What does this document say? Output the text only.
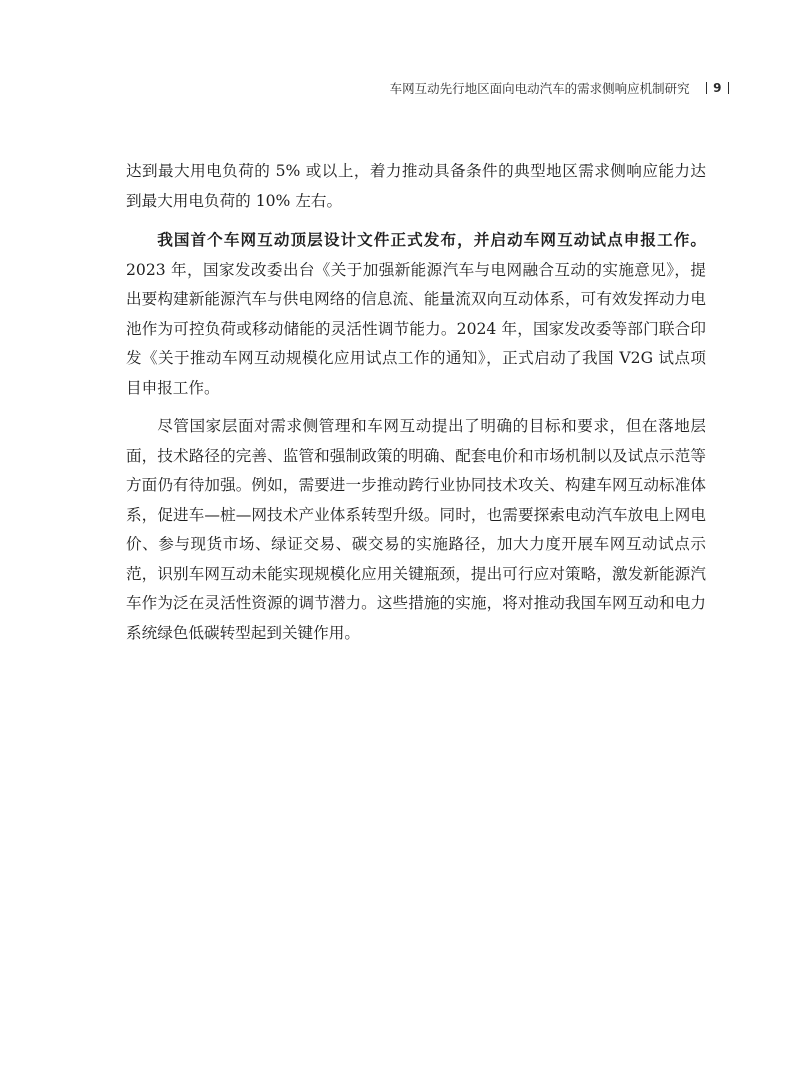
车网互动先行地区面向电动汽车的需求侧响应机制研究 9

达到最大用电负荷的 5% 或以上，着力推动具备条件的典型地区需求侧响应能力达到最大用电负荷的 10% 左右。

我国首个车网互动顶层设计文件正式发布，并启动车网互动试点申报工作。2023 年，国家发改委出台《关于加强新能源汽车与电网融合互动的实施意见》，提出要构建新能源汽车与供电网络的信息流、能量流双向互动体系，可有效发挥动力电池作为可控负荷或移动储能的灵活性调节能力。2024 年，国家发改委等部门联合印发《关于推动车网互动规模化应用试点工作的通知》，正式启动了我国 V2G 试点项目申报工作。

尽管国家层面对需求侧管理和车网互动提出了明确的目标和要求，但在落地层面，技术路径的完善、监管和强制政策的明确、配套电价和市场机制以及试点示范等方面仍有待加强。例如，需要进一步推动跨行业协同技术攻关、构建车网互动标准体系，促进车—桩—网技术产业体系转型升级。同时，也需要探索电动汽车放电上网电价、参与现货市场、绿证交易、碳交易的实施路径，加大力度开展车网互动试点示范，识别车网互动未能实现规模化应用关键瓶颈，提出可行应对策略，激发新能源汽车作为泛在灵活性资源的调节潜力。这些措施的实施，将对推动我国车网互动和电力系统绿色低碳转型起到关键作用。
